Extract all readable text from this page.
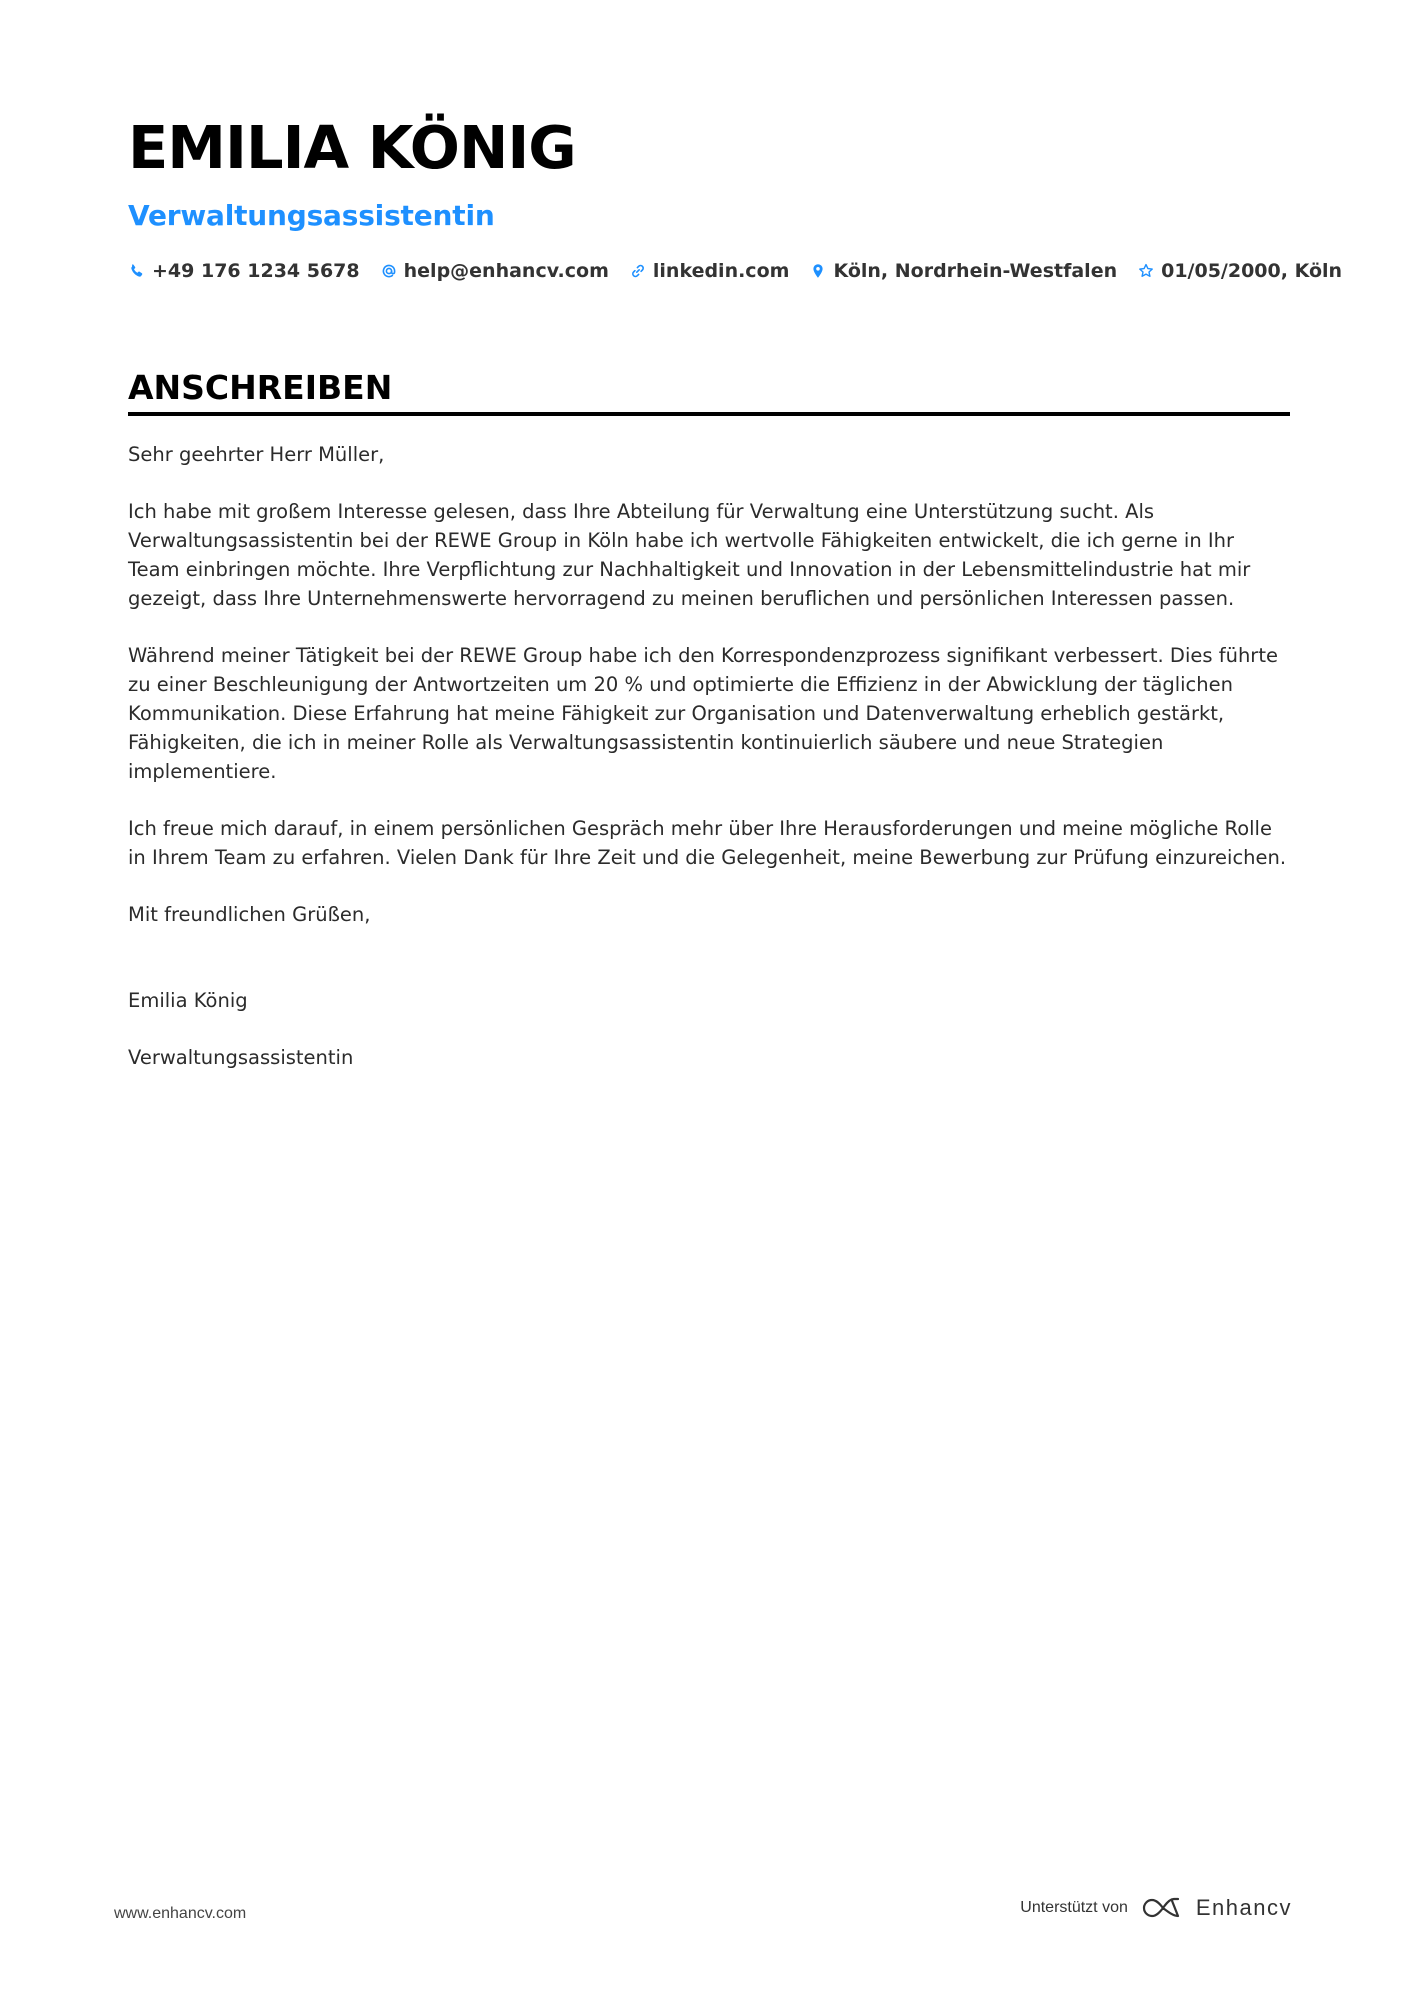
EMILIA KÖNIG
Verwaltungsassistentin
+49 176 1234 5678 help@enhancv.com linkedin.com Köln, Nordrhein-Westfalen 01/05/2000, Köln
ANSCHREIBEN

Sehr geehrter Herr Müller,

Ich habe mit großem Interesse gelesen, dass Ihre Abteilung für Verwaltung eine Unterstützung sucht. Als Verwaltungsassistentin bei der REWE Group in Köln habe ich wertvolle Fähigkeiten entwickelt, die ich gerne in Ihr Team einbringen möchte. Ihre Verpflichtung zur Nachhaltigkeit und Innovation in der Lebensmittelindustrie hat mir gezeigt, dass Ihre Unternehmenswerte hervorragend zu meinen beruflichen und persönlichen Interessen passen.

Während meiner Tätigkeit bei der REWE Group habe ich den Korrespondenzprozess signifikant verbessert. Dies führte zu einer Beschleunigung der Antwortzeiten um 20 % und optimierte die Effizienz in der Abwicklung der täglichen Kommunikation. Diese Erfahrung hat meine Fähigkeit zur Organisation und Datenverwaltung erheblich gestärkt, Fähigkeiten, die ich in meiner Rolle als Verwaltungsassistentin kontinuierlich säubere und neue Strategien implementiere.

Ich freue mich darauf, in einem persönlichen Gespräch mehr über Ihre Herausforderungen und meine mögliche Rolle in Ihrem Team zu erfahren. Vielen Dank für Ihre Zeit und die Gelegenheit, meine Bewerbung zur Prüfung einzureichen.

Mit freundlichen Grüßen,

Emilia König

Verwaltungsassistentin

www.enhancv.com	Unterstützt von	Enhancv
